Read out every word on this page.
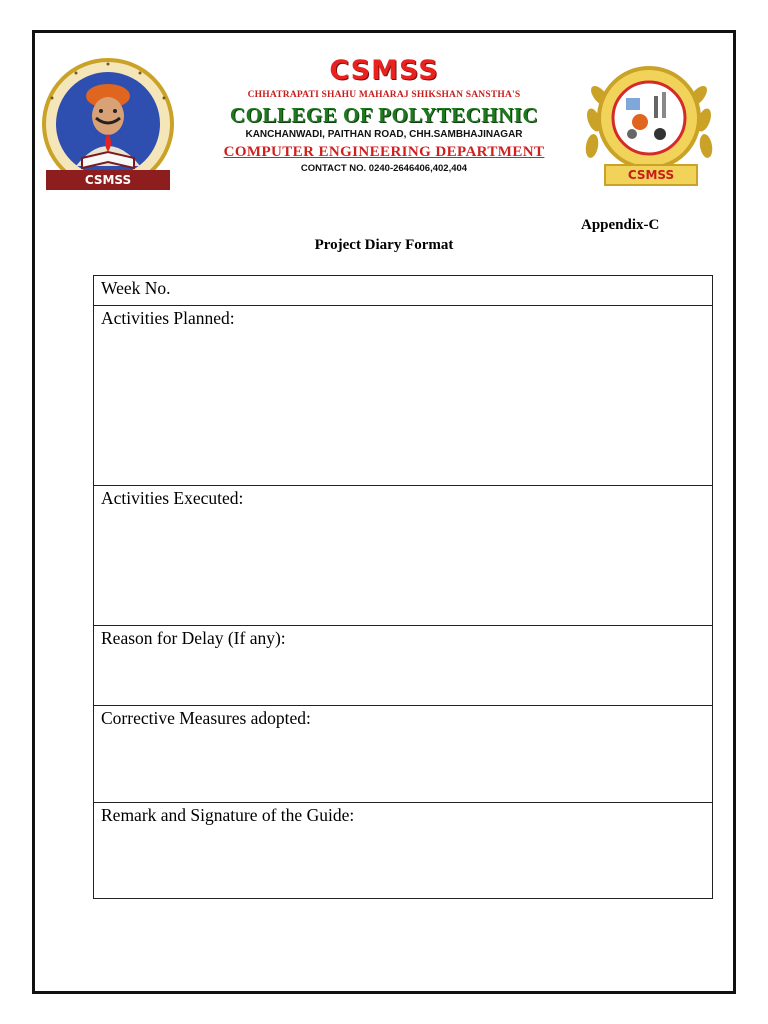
CSMSS
CSMSS
CHHATRAPATI SHAHU MAHARAJ SHIKSHAN SANSTHA'S
COLLEGE OF POLYTECHNIC
KANCHANWADI, PAITHAN ROAD, CHH.SAMBHAJINAGAR
COMPUTER ENGINEERING DEPARTMENT
CONTACT NO. 0240-2646406,402,404	CSMSS
Appendix-C
Project Diary Format
Week No.
Activities Planned:
Activities Executed:
Reason for Delay (If any):
Corrective Measures adopted:
Remark and Signature of the Guide:
